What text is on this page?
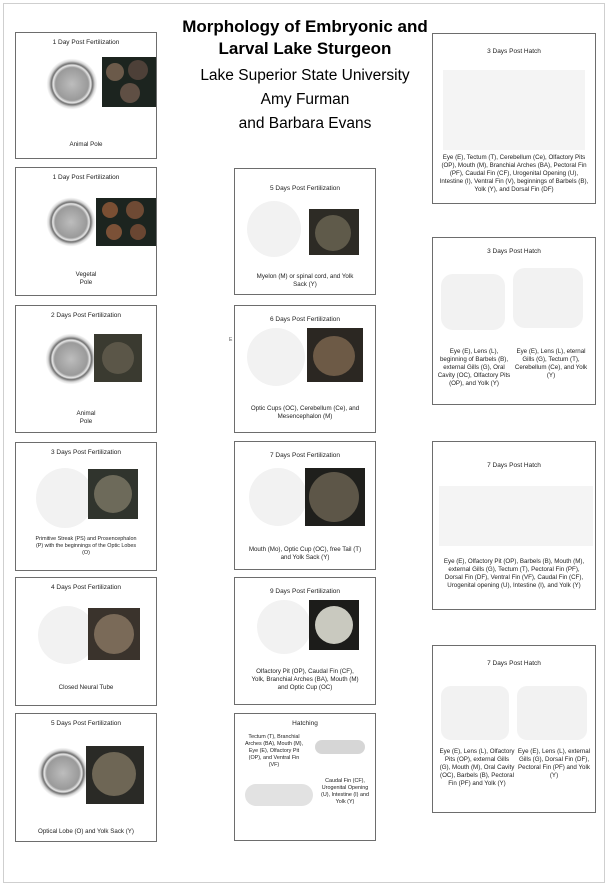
Morphology of Embryonic and Larval Lake Sturgeon
Lake Superior State University
Amy Furman
and Barbara Evans
E
1 Day Post Fertilization
Animal Pole
1 Day Post Fertilization
Vegetal
Pole
2 Days Post Fertilization
Animal
Pole
3 Days Post Fertilization
Primitive Streak (PS) and Prosencephalon (P) with the beginnings of the Optic Lobes (O)
4 Days Post Fertilization
Closed Neural Tube
5 Days Post Fertilization
Optical Lobe (O) and Yolk Sack (Y)
5 Days Post Fertilization
Myelon (M) or spinal cord, and Yolk Sack (Y)
6 Days Post Fertilization
Optic Cups (OC), Cerebellum (Ce), and Mesencephalon (M)
7 Days Post Fertilization
Mouth (Mo), Optic Cup (OC), free Tail (T) and Yolk Sack (Y)
9 Days Post Fertilization
Olfactory Pit (OP), Caudal Fin (CF), Yolk, Branchial Arches (BA), Mouth (M) and Optic Cup (OC)
Hatching
Tectum (T), Branchial Arches (BA), Mouth (M), Eye (E), Olfactory Pit (OP), and Ventral Fin (VF)
Caudal Fin (CF), Urogenital Opening (U), Intestine (I) and Yolk (Y)
3 Days Post Hatch
Eye (E), Tectum (T), Cerebellum (Ce), Olfactory Pits (OP), Mouth (M), Branchial Arches (BA), Pectoral Fin (PF), Caudal Fin (CF), Urogenital Opening (U), Intestine (I), Ventral Fin (V), beginnings of Barbels (B), Yolk (Y), and Dorsal Fin (DF)
3 Days Post Hatch
Eye (E), Lens (L), beginning of Barbels (B), external Gills (G), Oral Cavity (OC), Olfactory Pits (OP), and Yolk (Y)
Eye (E), Lens (L), eternal Gills (G), Tectum (T), Cerebellum (Ce), and Yolk (Y)
7 Days Post Hatch
Eye (E), Olfactory Pit (OP), Barbels (B), Mouth (M), external Gills (G), Tectum (T), Pectoral Fin (PF), Dorsal Fin (DF), Ventral Fin (VF), Caudal Fin (CF), Urogenital opening (U), Intestine (I), and Yolk (Y)
7 Days Post Hatch
Eye (E), Lens (L), Olfactory Pits (OP), external Gills (G), Mouth (M), Oral Cavity (OC), Barbels (B), Pectoral Fin (PF) and Yolk (Y)
Eye (E), Lens (L), external Gills (G), Dorsal Fin (DF), Pectoral Fin (PF) and Yolk (Y)
